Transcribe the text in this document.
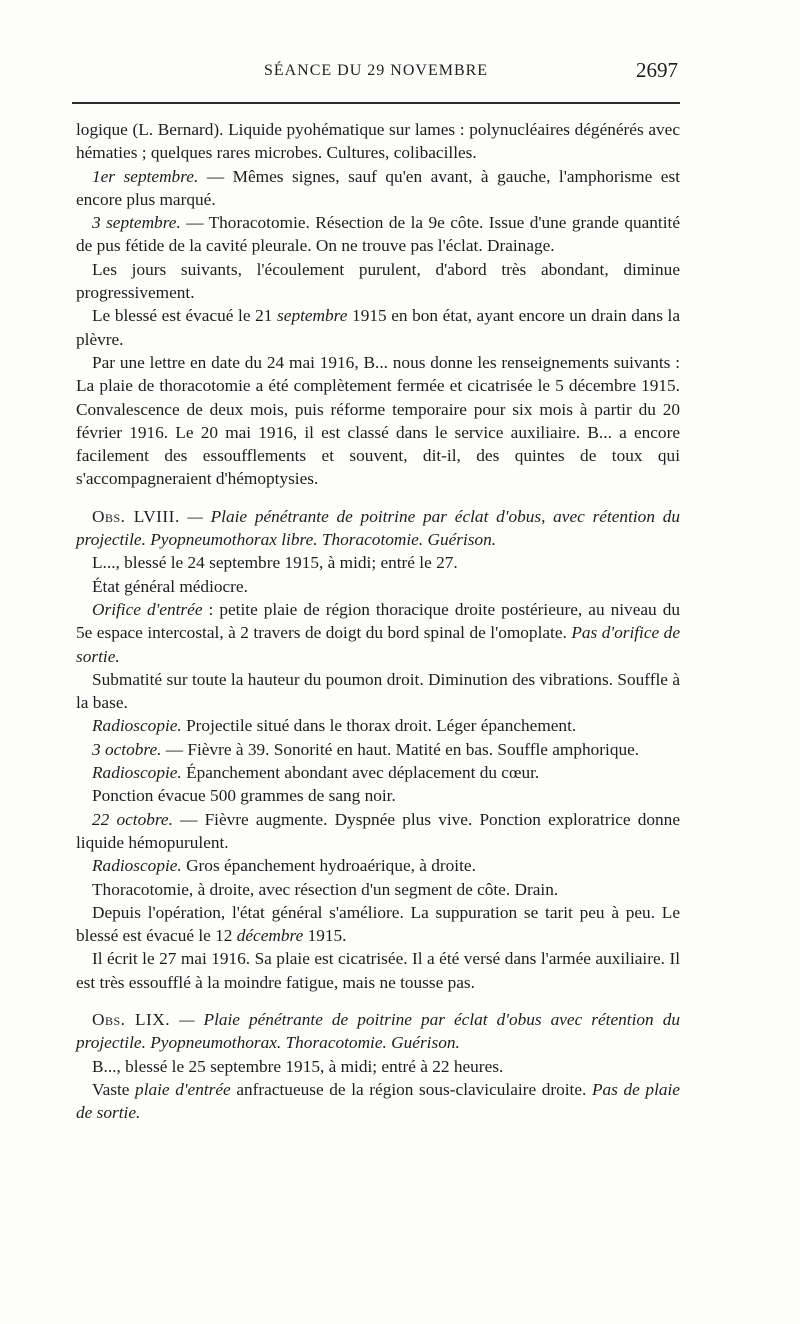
SÉANCE DU 29 NOVEMBRE	2697

logique (L. Bernard). Liquide pyohématique sur lames : polynucléaires dégénérés avec hématies ; quelques rares microbes. Cultures, colibacilles.

1er septembre. — Mêmes signes, sauf qu'en avant, à gauche, l'amphorisme est encore plus marqué.

3 septembre. — Thoracotomie. Résection de la 9e côte. Issue d'une grande quantité de pus fétide de la cavité pleurale. On ne trouve pas l'éclat. Drainage.

Les jours suivants, l'écoulement purulent, d'abord très abondant, diminue progressivement.

Le blessé est évacué le 21 septembre 1915 en bon état, ayant encore un drain dans la plèvre.

Par une lettre en date du 24 mai 1916, B... nous donne les renseignements suivants : La plaie de thoracotomie a été complètement fermée et cicatrisée le 5 décembre 1915. Convalescence de deux mois, puis réforme temporaire pour six mois à partir du 20 février 1916. Le 20 mai 1916, il est classé dans le service auxiliaire. B... a encore facilement des essoufflements et souvent, dit-il, des quintes de toux qui s'accompagneraient d'hémoptysies.

Obs. LVIII. — Plaie pénétrante de poitrine par éclat d'obus, avec rétention du projectile. Pyopneumothorax libre. Thoracotomie. Guérison.

L..., blessé le 24 septembre 1915, à midi; entré le 27.

État général médiocre.

Orifice d'entrée : petite plaie de région thoracique droite postérieure, au niveau du 5e espace intercostal, à 2 travers de doigt du bord spinal de l'omoplate. Pas d'orifice de sortie.

Submatité sur toute la hauteur du poumon droit. Diminution des vibrations. Souffle à la base.

Radioscopie. Projectile situé dans le thorax droit. Léger épanchement.

3 octobre. — Fièvre à 39. Sonorité en haut. Matité en bas. Souffle amphorique.

Radioscopie. Épanchement abondant avec déplacement du cœur.

Ponction évacue 500 grammes de sang noir.

22 octobre. — Fièvre augmente. Dyspnée plus vive. Ponction exploratrice donne liquide hémopurulent.

Radioscopie. Gros épanchement hydroaérique, à droite.

Thoracotomie, à droite, avec résection d'un segment de côte. Drain.

Depuis l'opération, l'état général s'améliore. La suppuration se tarit peu à peu. Le blessé est évacué le 12 décembre 1915.

Il écrit le 27 mai 1916. Sa plaie est cicatrisée. Il a été versé dans l'armée auxiliaire. Il est très essoufflé à la moindre fatigue, mais ne tousse pas.

Obs. LIX. — Plaie pénétrante de poitrine par éclat d'obus avec rétention du projectile. Pyopneumothorax. Thoracotomie. Guérison.

B..., blessé le 25 septembre 1915, à midi; entré à 22 heures.

Vaste plaie d'entrée anfractueuse de la région sous-claviculaire droite. Pas de plaie de sortie.
